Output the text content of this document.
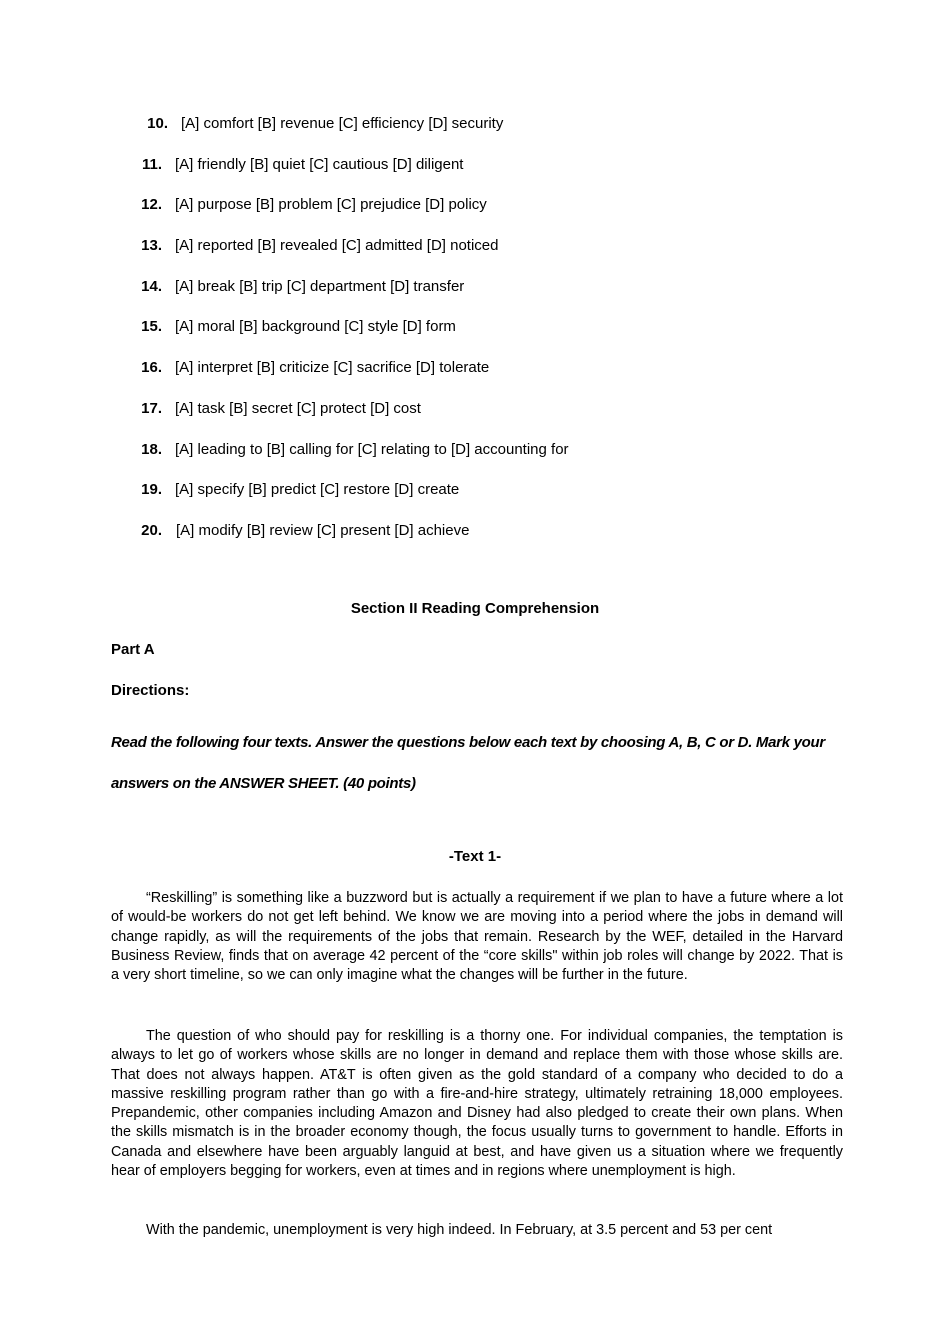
10. [A] comfort [B] revenue [C] efficiency [D] security
11. [A] friendly [B] quiet [C] cautious [D] diligent
12. [A] purpose [B] problem [C] prejudice [D] policy
13. [A] reported [B] revealed [C] admitted [D] noticed
14. [A] break [B] trip [C] department [D] transfer
15. [A] moral [B] background [C] style [D] form
16. [A] interpret [B] criticize [C] sacrifice [D] tolerate
17. [A] task [B] secret [C] protect [D] cost
18. [A] leading to [B] calling for [C] relating to [D] accounting for
19. [A] specify [B] predict [C] restore [D] create
20. [A] modify [B] review [C] present [D] achieve
Section II Reading Comprehension
Part A
Directions:
Read the following four texts. Answer the questions below each text by choosing A, B, C or D. Mark your answers on the ANSWER SHEET. (40 points)
-Text 1-

“Reskilling” is something like a buzzword but is actually a requirement if we plan to have a future where a lot of would-be workers do not get left behind. We know we are moving into a period where the jobs in demand will change rapidly, as will the requirements of the jobs that remain. Research by the WEF, detailed in the Harvard Business Review, finds that on average 42 percent of the “core skills" within job roles will change by 2022. That is a very short timeline, so we can only imagine what the changes will be further in the future.

The question of who should pay for reskilling is a thorny one. For individual companies, the temptation is always to let go of workers whose skills are no longer in demand and replace them with those whose skills are. That does not always happen. AT&T is often given as the gold standard of a company who decided to do a massive reskilling program rather than go with a fire-and-hire strategy, ultimately retraining 18,000 employees. Prepandemic, other companies including Amazon and Disney had also pledged to create their own plans. When the skills mismatch is in the broader economy though, the focus usually turns to government to handle. Efforts in Canada and elsewhere have been arguably languid at best, and have given us a situation where we frequently hear of employers begging for workers, even at times and in regions where unemployment is high.

With the pandemic, unemployment is very high indeed. In February, at 3.5 percent and 53 per cent
